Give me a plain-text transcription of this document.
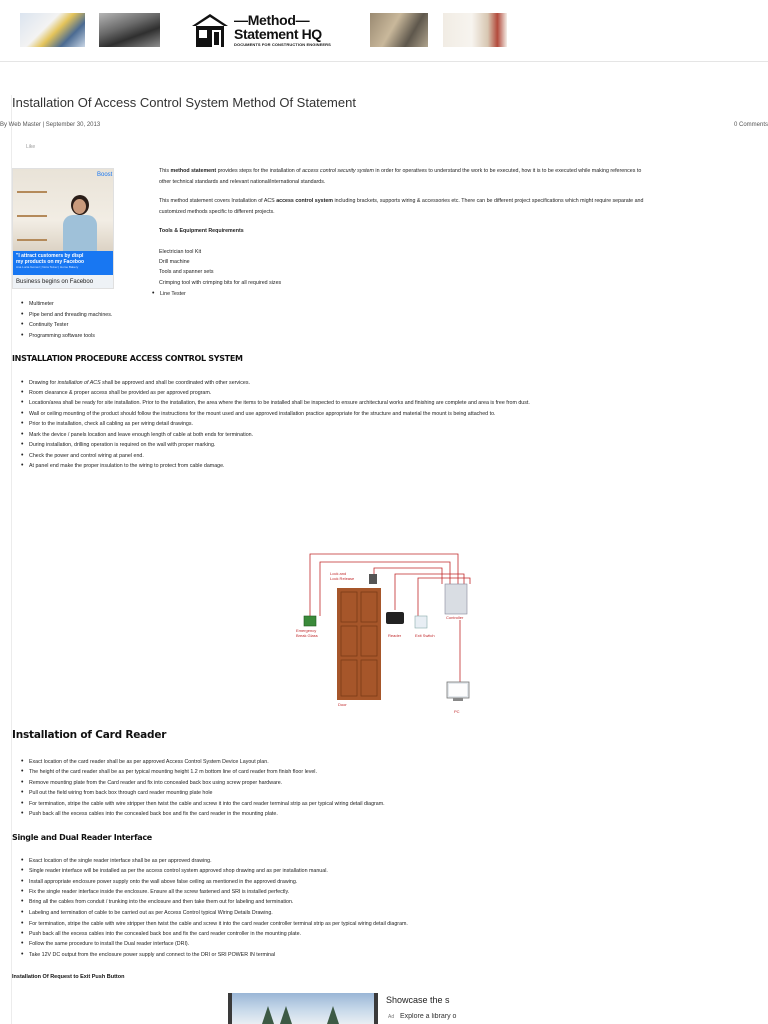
—Method—
Statement HQ
DOCUMENTS FOR CONSTRUCTION ENGINEERS
Installation Of Access Control System Method Of Statement
By Web Master | September 30, 2013	0 Comments
Like
Boost
"I attract customers by displ
my products on my Faceboo
Ana Lucia Gomez | Nora Teixer | Home Bakery
Business begins on Faceboo
This method statement provides steps for the installation of access control security system in order for operatives to understand the work to be executed, how it is to be executed while making references to
other technical standards and relevant national/international standards.
This method statement covers Installation of ACS access control system including brackets, supports wiring & accessories etc. There can be different project specifications which might require separate and
customized methods specific to different projects.
Tools & Equipment Requirements
Electrician tool Kit
Drill machine
Tools and spanner sets
Crimping tool with crimping bits for all required sizes
• Line Tester
• Multimeter
• Pipe bend and threading machines.
• Continuity Tester
• Programming software tools
INSTALLATION PROCEDURE ACCESS CONTROL SYSTEM
• Drawing for installation of ACS shall be approved and shall be coordinated with other services.
• Room clearance & proper access shall be provided as per approved program.
• Location/area shall be ready for site installation. Prior to the installation, the area where the items to be installed shall be inspected to ensure architectural works and finishing are complete and area is free from dust.
• Wall or ceiling mounting of the product should follow the instructions for the mount used and use approved installation practice appropriate for the structure and material the mount is being attached to.
• Prior to the installation, check all cabling as per wiring detail drawings.
• Mark the device / panels location and leave enough length of cable at both ends for termination.
• During installation, drilling operation is required on the wall with proper marking.
• Check the power and control wiring at panel end.
• At panel end make the proper insulation to the wiring to protect from cable damage.
Lock and
Lock Release
Emergency
Break Glass	Reader	Exit Switch
Controller
Door
PC
Installation of Card Reader
• Exact location of the card reader shall be as per approved Access Control System Device Layout plan.
• The height of the card reader shall be as per typical mounting height 1.2 m bottom line of card reader from finish floor level.
• Remove mounting plate from the Card reader and fix into concealed back box using screw proper hardware.
• Pull out the field wiring from back box through card reader mounting plate hole
• For termination, stripe the cable with wire stripper then twist the cable and screw it into the card reader terminal strip as per typical wiring detail diagram.
• Push back all the excess cables into the concealed back box and fix the card reader in the mounting plate.
Single and Dual Reader Interface
• Exact location of the single reader interface shall be as per approved drawing.
• Single reader interface will be installed as per the access control system approved shop drawing and as per installation manual.
• Install appropriate enclosure power supply onto the wall above false ceiling as mentioned in the approved drawing.
• Fix the single reader interface inside the enclosure. Ensure all the screw fastened and SRI is installed perfectly.
• Bring all the cables from conduit / trunking into the enclosure and then take them out for labeling and termination.
• Labeling and termination of cable to be carried out as per Access Control typical Wiring Details Drawing.
• For termination, stripe the cable with wire stripper then twist the cable and screw it into the card reader controller terminal strip as per typical wiring detail diagram.
• Push back all the excess cables into the concealed back box and fix the card reader controller in the mounting plate.
• Follow the same procedure to install the Dual reader interface (DRI).
• Take 12V DC output from the enclosure power supply and connect to the DRI or SRI POWER IN terminal
Installation Of Request to Exit Push Button
Showcase the s
Ad Explore a library o
